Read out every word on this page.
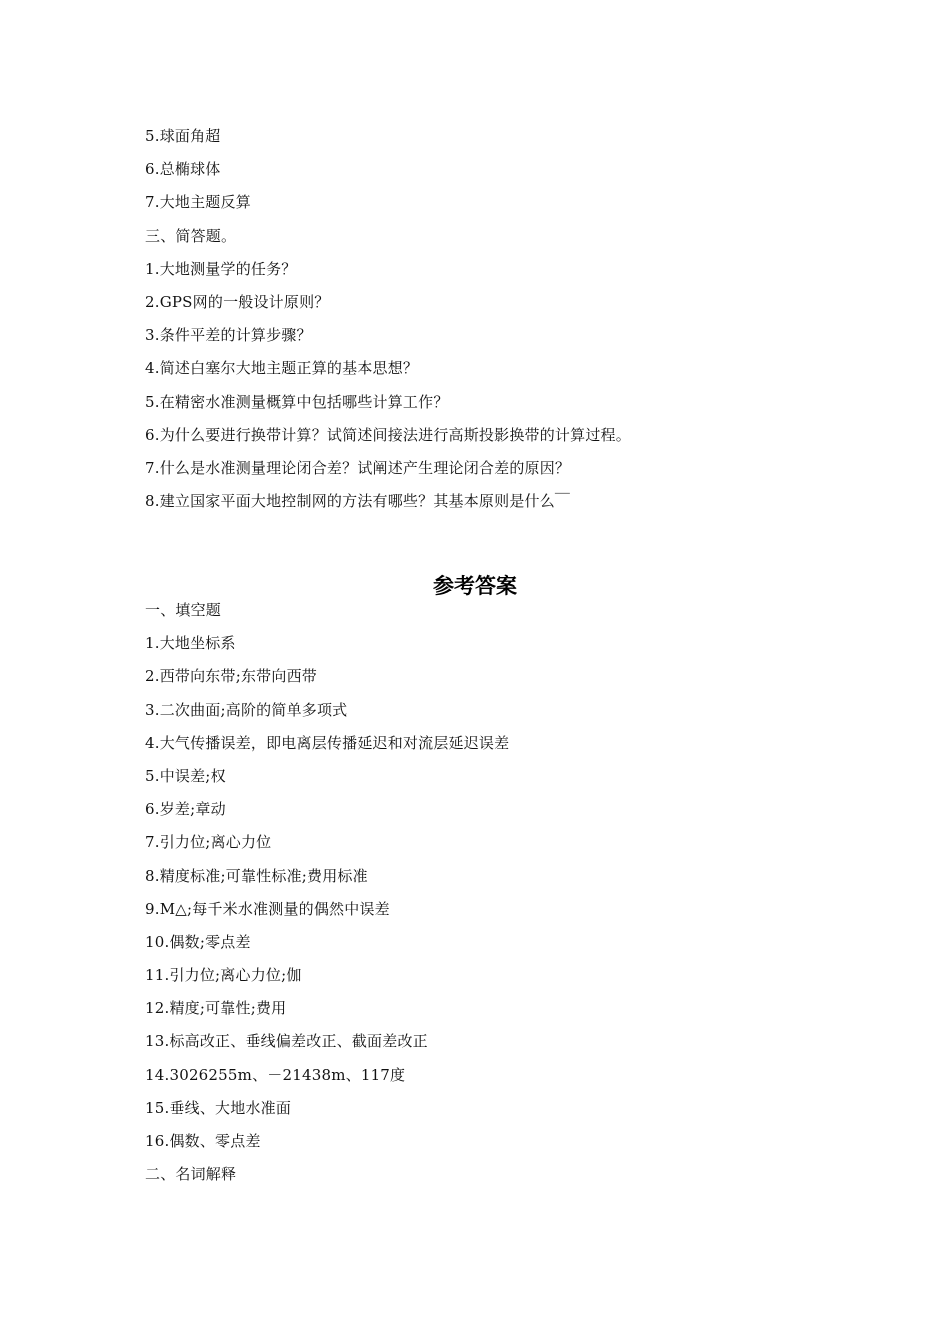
5.球面角超
6.总椭球体
7.大地主题反算
三、简答题。
1.大地测量学的任务？
2.GPS网的一般设计原则？
3.条件平差的计算步骤？
4.简述白塞尔大地主题正算的基本思想？
5.在精密水准测量概算中包括哪些计算工作？
6.为什么要进行换带计算？试简述间接法进行高斯投影换带的计算过程。
7.什么是水准测量理论闭合差？试阐述产生理论闭合差的原因？
8.建立国家平面大地控制网的方法有哪些？其基本原则是什么￣
参考答案
一、填空题
1.大地坐标系
2.西带向东带;东带向西带
3.二次曲面;高阶的简单多项式
4.大气传播误差，即电离层传播延迟和对流层延迟误差
5.中误差;权
6.岁差;章动
7.引力位;离心力位
8.精度标准;可靠性标准;费用标准
9.M△;每千米水准测量的偶然中误差
10.偶数;零点差
11.引力位;离心力位;伽
12.精度;可靠性;费用
13.标高改正、垂线偏差改正、截面差改正
14.3026255m、－21438m、117度
15.垂线、大地水准面
16.偶数、零点差
二、名词解释
